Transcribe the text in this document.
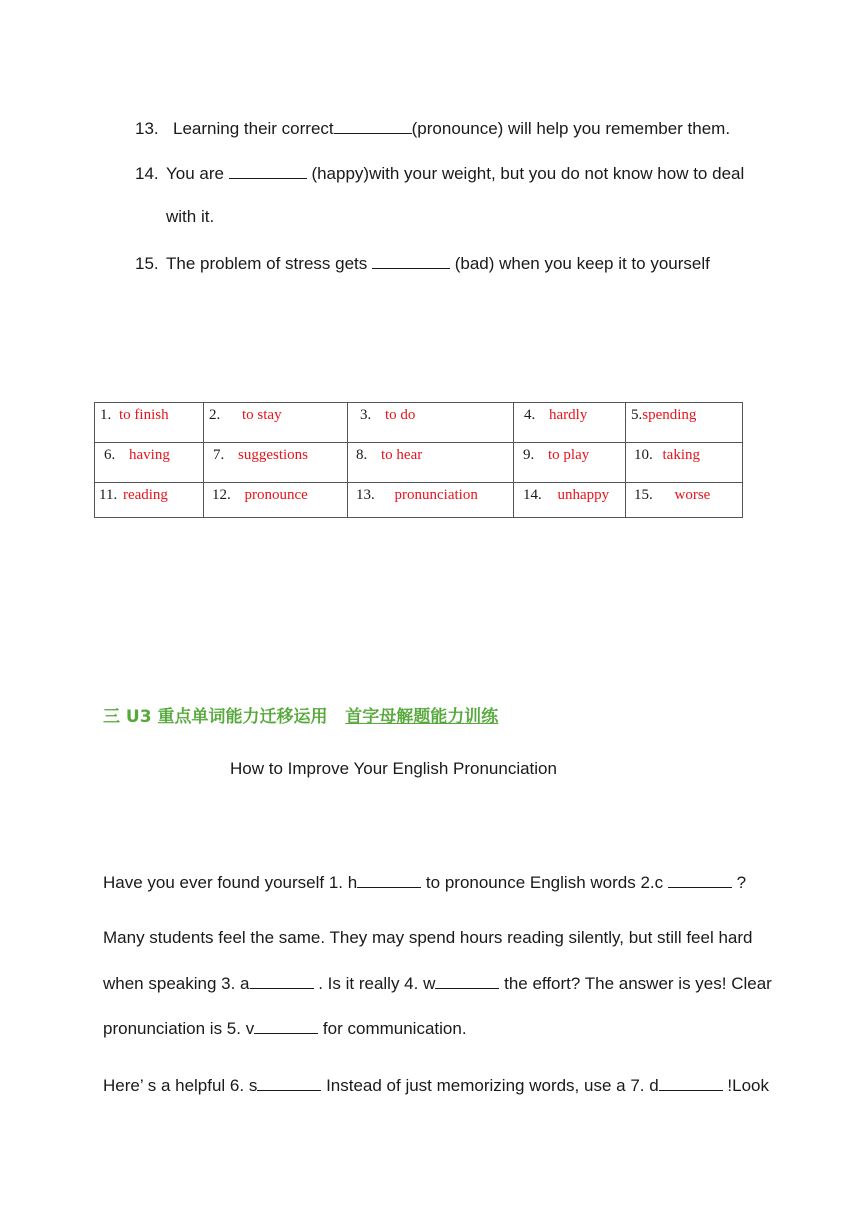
13. Learning their correct	(pronounce) will help you remember them.
14. You are	(happy)with your weight, but you do not know how to deal
with it.
15. The problem of stress gets	(bad) when you keep it to yourself
1. to finish	2. to stay	3. to do	4. hardly	5.spending
6. having	7. suggestions	8. to hear	9. to play	10. taking
11. reading	12. pronounce	13. pronunciation	14. unhappy	15. worse
三 U3 重点单词能力迁移运用 首字母解题能力训练
How to Improve Your English Pronunciation
Have you ever found yourself 1. h	to pronounce English words 2.c	?
Many students feel the same. They may spend hours reading silently, but still feel hard
when speaking 3. a	. Is it really 4. w	the effort? The answer is yes! Clear
pronunciation is 5. v	for communication.
Here’ s a helpful 6. s	Instead of just memorizing words, use a 7. d	!Look
